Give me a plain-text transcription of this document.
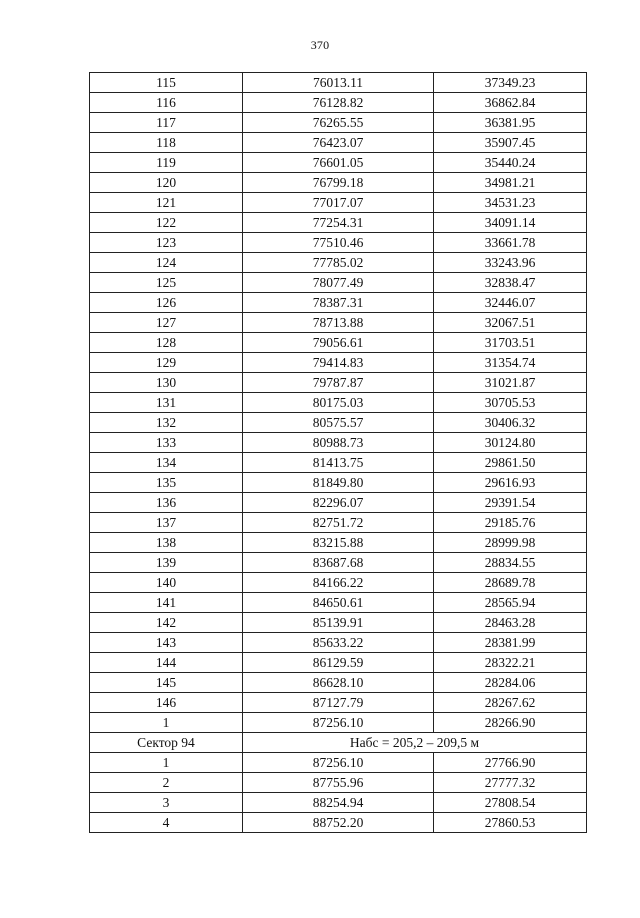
370
115	76013.11	37349.23
116	76128.82	36862.84
117	76265.55	36381.95
118	76423.07	35907.45
119	76601.05	35440.24
120	76799.18	34981.21
121	77017.07	34531.23
122	77254.31	34091.14
123	77510.46	33661.78
124	77785.02	33243.96
125	78077.49	32838.47
126	78387.31	32446.07
127	78713.88	32067.51
128	79056.61	31703.51
129	79414.83	31354.74
130	79787.87	31021.87
131	80175.03	30705.53
132	80575.57	30406.32
133	80988.73	30124.80
134	81413.75	29861.50
135	81849.80	29616.93
136	82296.07	29391.54
137	82751.72	29185.76
138	83215.88	28999.98
139	83687.68	28834.55
140	84166.22	28689.78
141	84650.61	28565.94
142	85139.91	28463.28
143	85633.22	28381.99
144	86129.59	28322.21
145	86628.10	28284.06
146	87127.79	28267.62
1	87256.10	28266.90
Сектор 94	Набс = 205,2 – 209,5 м	
1	87256.10	27766.90
2	87755.96	27777.32
3	88254.94	27808.54
4	88752.20	27860.53
